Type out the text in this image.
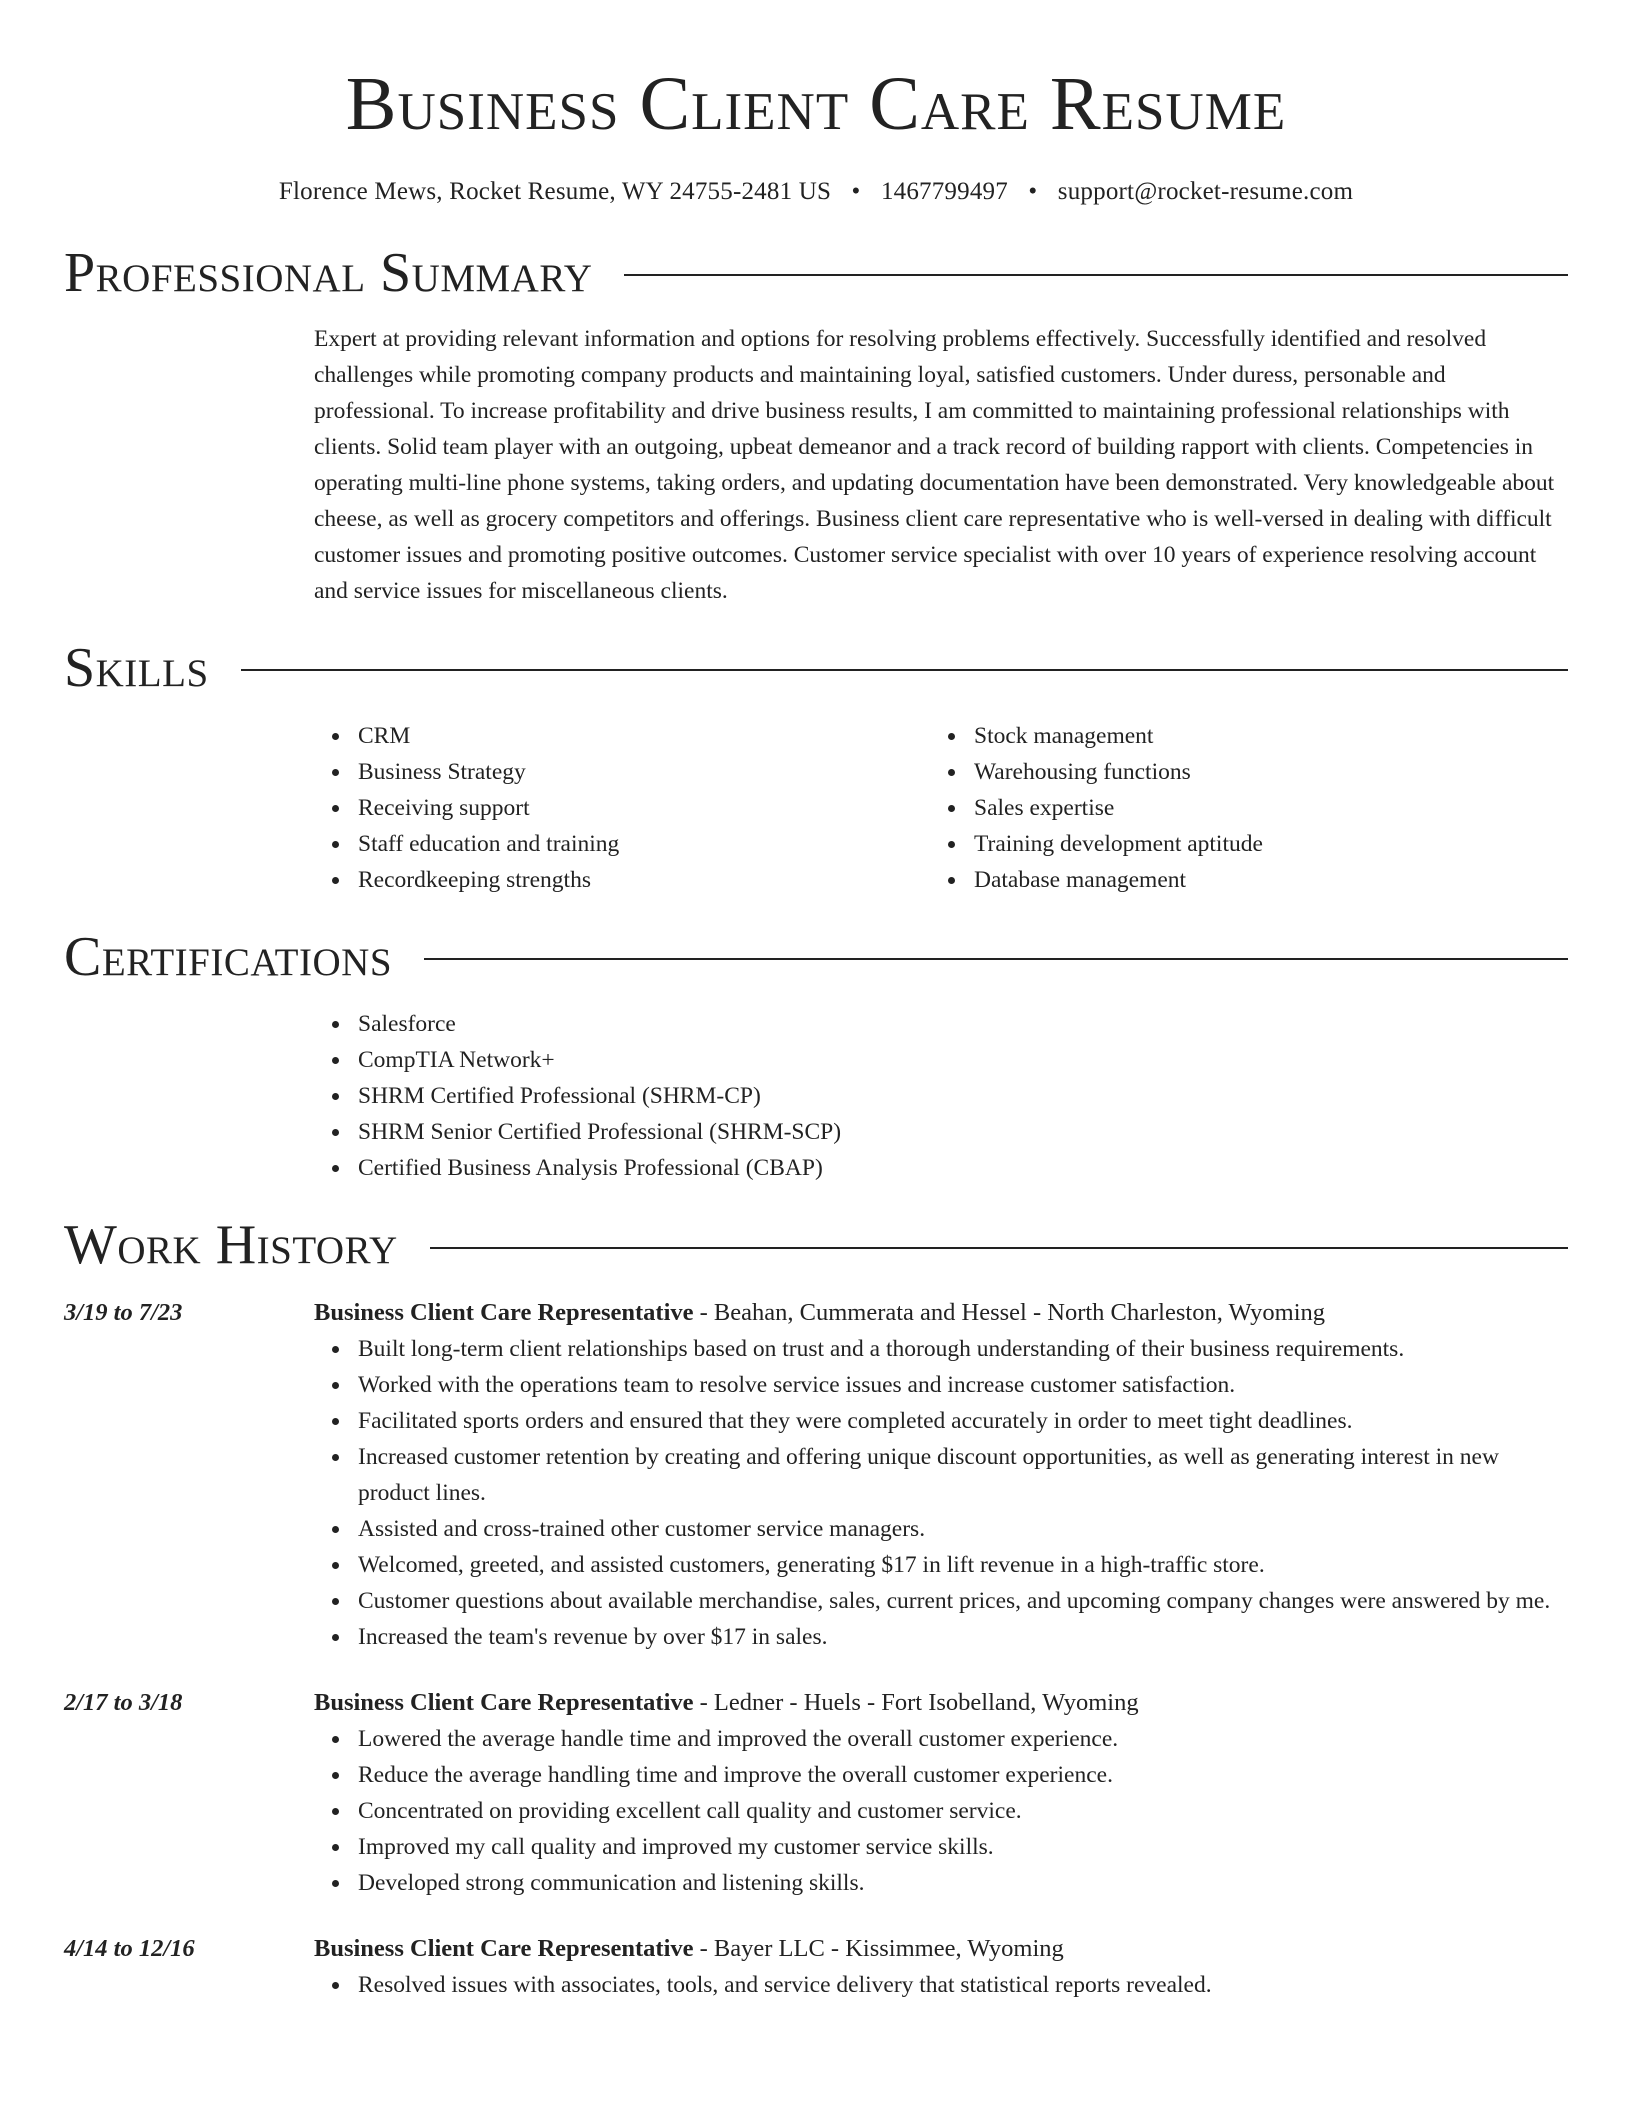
Business Client Care Resume
Florence Mews, Rocket Resume, WY 24755-2481 US • 1467799497 • support@rocket-resume.com
Professional Summary

Expert at providing relevant information and options for resolving problems effectively. Successfully identified and resolved challenges while promoting company products and maintaining loyal, satisfied customers. Under duress, personable and professional. To increase profitability and drive business results, I am committed to maintaining professional relationships with clients. Solid team player with an outgoing, upbeat demeanor and a track record of building rapport with clients. Competencies in operating multi-line phone systems, taking orders, and updating documentation have been demonstrated. Very knowledgeable about cheese, as well as grocery competitors and offerings. Business client care representative who is well-versed in dealing with difficult customer issues and promoting positive outcomes. Customer service specialist with over 10 years of experience resolving account and service issues for miscellaneous clients.

Skills
CRM
Business Strategy
Receiving support
Staff education and training
Recordkeeping strengths
Stock management
Warehousing functions
Sales expertise
Training development aptitude
Database management
Certifications
Salesforce
CompTIA Network+
SHRM Certified Professional (SHRM-CP)
SHRM Senior Certified Professional (SHRM-SCP)
Certified Business Analysis Professional (CBAP)
Work History
3/19 to 7/23	Business Client Care Representative - Beahan, Cummerata and Hessel - North Charleston, Wyoming
Built long-term client relationships based on trust and a thorough understanding of their business requirements.
Worked with the operations team to resolve service issues and increase customer satisfaction.
Facilitated sports orders and ensured that they were completed accurately in order to meet tight deadlines.
Increased customer retention by creating and offering unique discount opportunities, as well as generating interest in new product lines.
Assisted and cross-trained other customer service managers.
Welcomed, greeted, and assisted customers, generating $17 in lift revenue in a high-traffic store.
Customer questions about available merchandise, sales, current prices, and upcoming company changes were answered by me.
Increased the team's revenue by over $17 in sales.
2/17 to 3/18	Business Client Care Representative - Ledner - Huels - Fort Isobelland, Wyoming
Lowered the average handle time and improved the overall customer experience.
Reduce the average handling time and improve the overall customer experience.
Concentrated on providing excellent call quality and customer service.
Improved my call quality and improved my customer service skills.
Developed strong communication and listening skills.
4/14 to 12/16	Business Client Care Representative - Bayer LLC - Kissimmee, Wyoming
Resolved issues with associates, tools, and service delivery that statistical reports revealed.
